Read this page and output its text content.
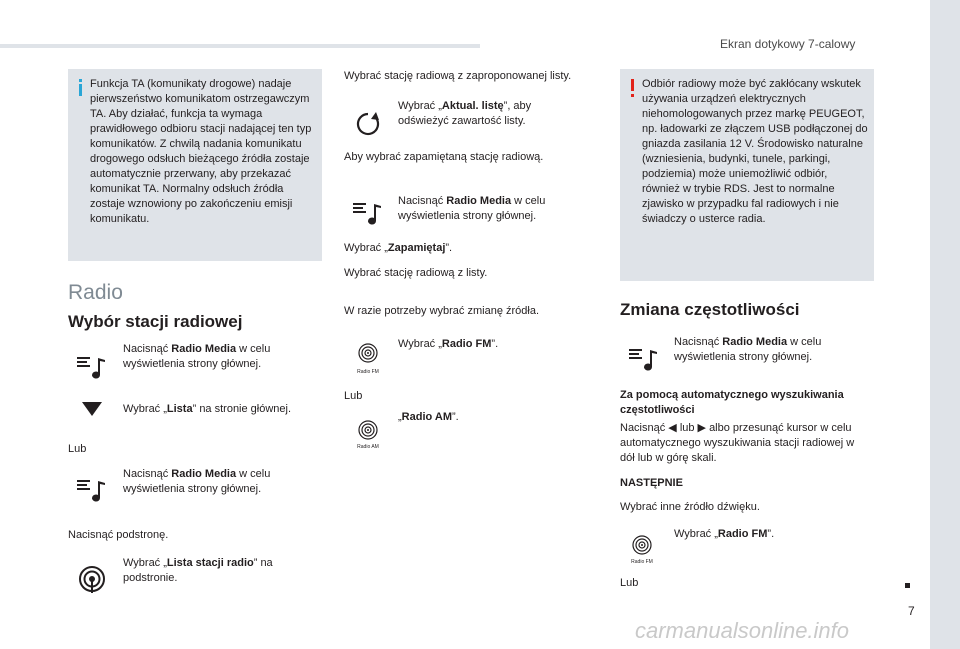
Ekran dotykowy 7-calowy
7
Funkcja TA (komunikaty drogowe) nadaje pierwszeństwo komunikatom ostrzegawczym TA. Aby działać, funkcja ta wymaga prawidłowego odbioru stacji nadającej ten typ komunikatów. Z chwilą nadania komunikatu drogowego odsłuch bieżącego źródła zostaje automatycznie przerwany, aby przekazać komunikat TA. Normalny odsłuch źródła zostaje wznowiony po zakończeniu emisji komunikatu.
Radio
Wybór stacji radiowej
Nacisnąć Radio Media w celu wyświetlenia strony głównej.
Wybrać „Lista” na stronie głównej.
Lub
Nacisnąć Radio Media w celu wyświetlenia strony głównej.
Nacisnąć podstronę.
Wybrać „Lista stacji radio” na podstronie.
Wybrać stację radiową z zaproponowanej listy.
Wybrać „Aktual. listę”, aby odświeżyć zawartość listy.
Aby wybrać zapamiętaną stację radiową.
Nacisnąć Radio Media w celu wyświetlenia strony głównej.
Wybrać „Zapamiętaj”.
Wybrać stację radiową z listy.
W razie potrzeby wybrać zmianę źródła.
Radio FM
Wybrać „Radio FM”.
Lub
Radio AM
„Radio AM”.
Odbiór radiowy może być zakłócany wskutek używania urządzeń elektrycznych niehomologowanych przez markę PEUGEOT, np. ładowarki ze złączem USB podłączonej do gniazda zasilania 12 V. Środowisko naturalne (wzniesienia, budynki, tunele, parkingi, podziemia) może uniemożliwić odbiór, również w trybie RDS. Jest to normalne zjawisko w przypadku fal radiowych i nie świadczy o usterce radia.
Zmiana częstotliwości
Nacisnąć Radio Media w celu wyświetlenia strony głównej.
Za pomocą automatycznego wyszukiwania częstotliwości
Nacisnąć ◀ lub ▶ albo przesunąć kursor w celu automatycznego wyszukiwania stacji radiowej w dół lub w górę skali.
NASTĘPNIE
Wybrać inne źródło dźwięku.
Radio FM
Wybrać „Radio FM”.
Lub
carmanualsonline.info
